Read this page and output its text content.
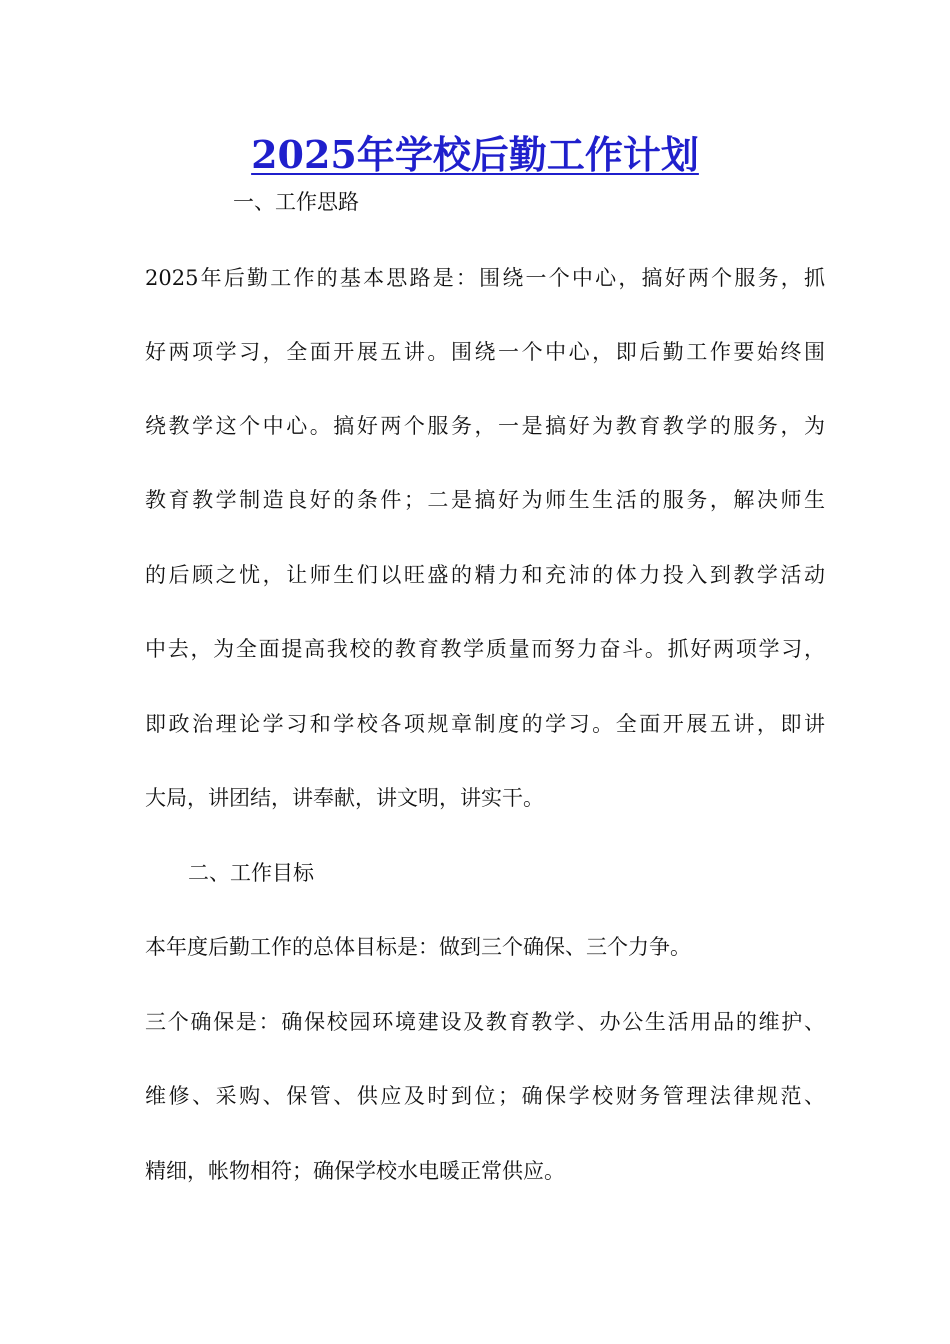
2025年学校后勤工作计划
一、工作思路
2025年后勤工作的基本思路是：围绕一个中心，搞好两个服务，抓
好两项学习，全面开展五讲。围绕一个中心，即后勤工作要始终围
绕教学这个中心。搞好两个服务，一是搞好为教育教学的服务，为
教育教学制造良好的条件；二是搞好为师生生活的服务，解决师生
的后顾之忧，让师生们以旺盛的精力和充沛的体力投入到教学活动
中去，为全面提高我校的教育教学质量而努力奋斗。抓好两项学习，
即政治理论学习和学校各项规章制度的学习。全面开展五讲，即讲
大局，讲团结，讲奉献，讲文明，讲实干。
二、工作目标
本年度后勤工作的总体目标是：做到三个确保、三个力争。
三个确保是：确保校园环境建设及教育教学、办公生活用品的维护、
维修、采购、保管、供应及时到位；确保学校财务管理法律规范、
精细，帐物相符；确保学校水电暖正常供应。
